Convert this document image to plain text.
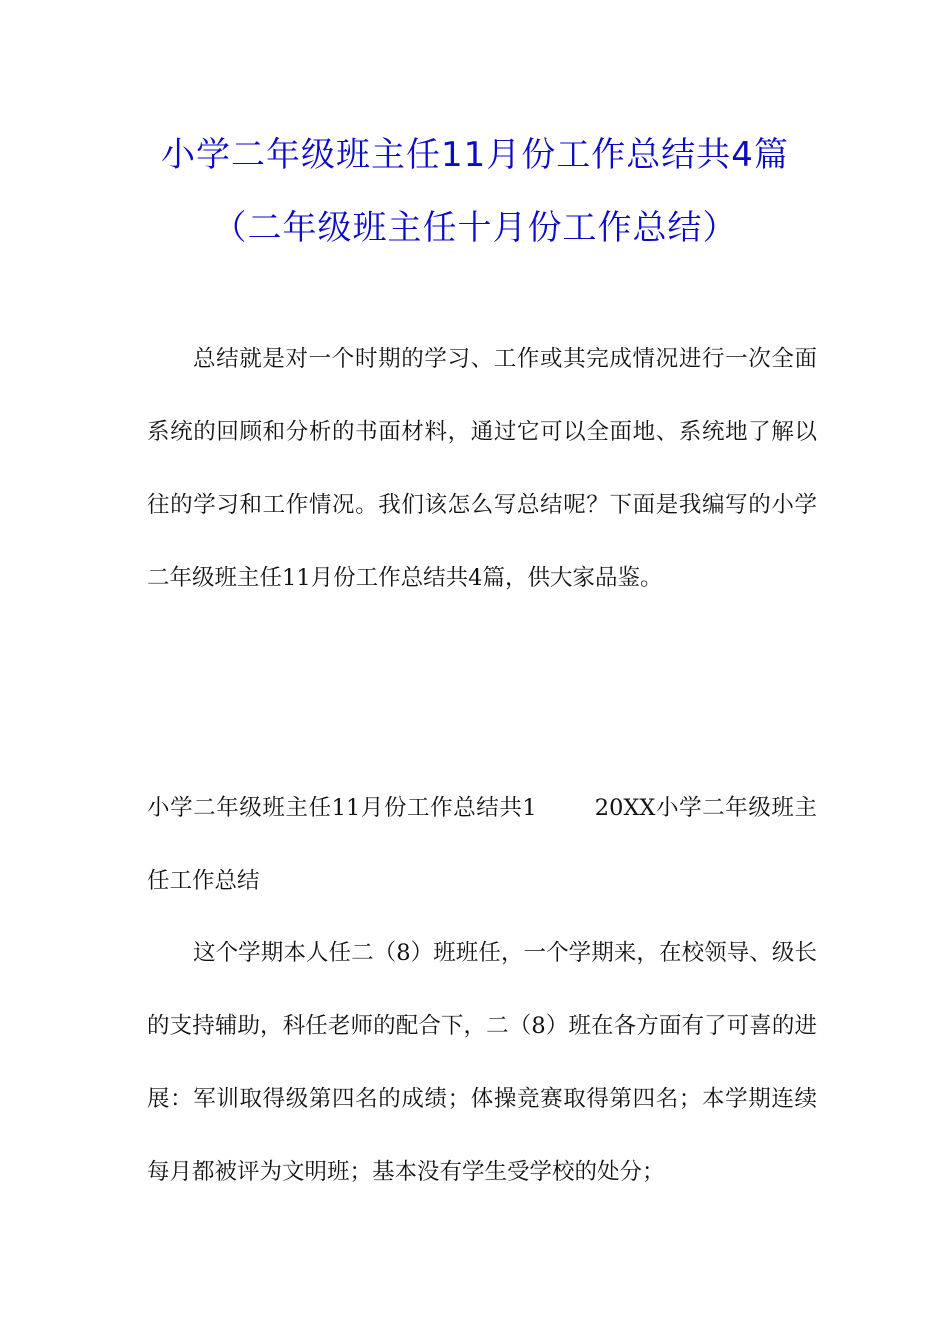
小学二年级班主任11月份工作总结共4篇
（二年级班主任十月份工作总结）

总结就是对一个时期的学习、工作或其完成情况进行一次全面系统的回顾和分析的书面材料，通过它可以全面地、系统地了解以往的学习和工作情况。我们该怎么写总结呢？下面是我编写的小学二年级班主任11月份工作总结共4篇，供大家品鉴。

小学二年级班主任11月份工作总结共1	20XX小学二年级班主任工作总结

这个学期本人任二（8）班班任，一个学期来，在校领导、级长的支持辅助，科任老师的配合下，二（8）班在各方面有了可喜的进展：军训取得级第四名的成绩；体操竞赛取得第四名；本学期连续每月都被评为文明班；基本没有学生受学校的处分；
